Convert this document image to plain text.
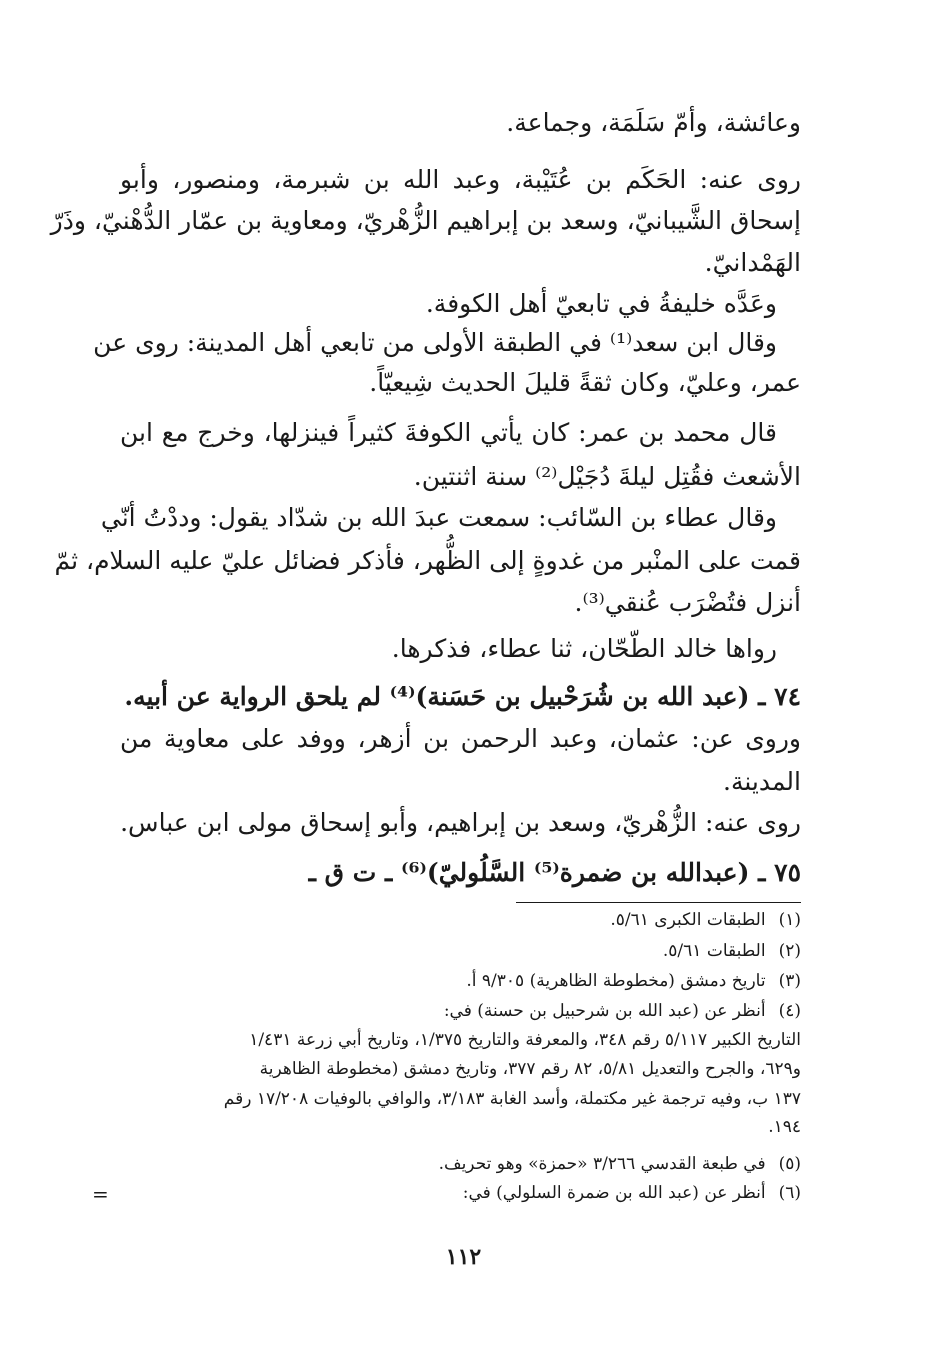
وعائشة، وأمّ سَلَمَة، وجماعة.
روى عنه: الحَكَم بن عُتَيْبة، وعبد الله بن شبرمة، ومنصور، وأبو
إسحاق الشَّيبانيّ، وسعد بن إبراهيم الزُّهْريّ، ومعاوية بن عمّار الدُّهْنيّ، وذَرّ
الهَمْدانيّ.
وعَدَّه خليفةُ في تابعيّ أهل الكوفة.
وقال ابن سعد⁽¹⁾ في الطبقة الأولى من تابعي أهل المدينة: روى عن
عمر، وعليّ، وكان ثقةً قليلَ الحديث شِيعيّاً.
قال محمد بن عمر: كان يأتي الكوفةَ كثيراً فينزلها، وخرج مع ابن
الأشعث فقُتِل ليلةَ دُجَيْل⁽²⁾ سنة اثنتين.
وقال عطاء بن السّائب: سمعت عبدَ الله بن شدّاد يقول: وددْتُ أنّي
قمت على المنْبر من غدوةٍ إلى الظُّهر، فأذكر فضائل عليّ عليه السلام، ثمّ
أنزل فتُضْرَب عُنقي⁽³⁾.
رواها خالد الطّحّان، ثنا عطاء، فذكرها.
٧٤ ـ (عبد الله بن شُرَحْبيل بن حَسَنة)⁽⁴⁾ لم يلحق الرواية عن أبيه.
وروى عن: عثمان، وعبد الرحمن بن أزهر، ووفد على معاوية من
المدينة.
روى عنه: الزُّهْريّ، وسعد بن إبراهيم، وأبو إسحاق مولى ابن عباس.
٧٥ ـ (عبدالله بن ضمرة⁽⁵⁾ السَّلُوليّ)⁽⁶⁾ ـ ت ق ـ
(١) الطبقات الكبرى ٥/٦١.
(٢) الطبقات ٥/٦١.
(٣) تاريخ دمشق (مخطوطة الظاهرية) ٩/٣٠٥ أ.
(٤) أنظر عن (عبد الله بن شرحبيل بن حسنة) في:
التاريخ الكبير ٥/١١٧ رقم ٣٤٨، والمعرفة والتاريخ ١/٣٧٥، وتاريخ أبي زرعة ١/٤٣١
و٦٢٩، والجرح والتعديل ٥/٨١، ٨٢ رقم ٣٧٧، وتاريخ دمشق (مخطوطة الظاهرية
١٣٧ ب، وفيه ترجمة غير مكتملة، وأسد الغابة ٣/١٨٣، والوافي بالوفيات ١٧/٢٠٨ رقم
١٩٤.
(٥) في طبعة القدسي ٣/٢٦٦ «حمزة» وهو تحريف.
(٦) أنظر عن (عبد الله بن ضمرة السلولي) في:
=
١١٢
